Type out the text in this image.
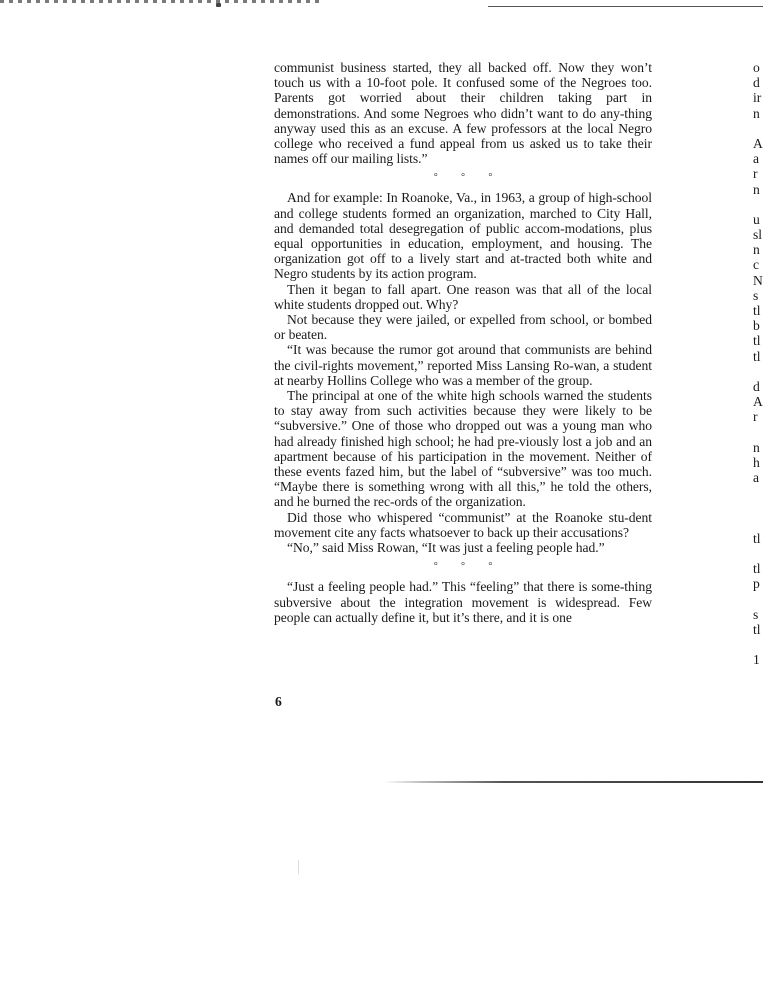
communist business started, they all backed off. Now they won’t touch us with a 10-foot pole. It confused some of the Negroes too. Parents got worried about their children taking part in demonstrations. And some Negroes who didn’t want to do any-thing anyway used this as an excuse. A few professors at the local Negro college who received a fund appeal from us asked us to take their names off our mailing lists.”

° ° °

And for example: In Roanoke, Va., in 1963, a group of high-school and college students formed an organization, marched to City Hall, and demanded total desegregation of public accom-modations, plus equal opportunities in education, employment, and housing. The organization got off to a lively start and at-tracted both white and Negro students by its action program.

Then it began to fall apart. One reason was that all of the local white students dropped out. Why?

Not because they were jailed, or expelled from school, or bombed or beaten.

“It was because the rumor got around that communists are behind the civil-rights movement,” reported Miss Lansing Ro-wan, a student at nearby Hollins College who was a member of the group.

The principal at one of the white high schools warned the students to stay away from such activities because they were likely to be “subversive.” One of those who dropped out was a young man who had already finished high school; he had pre-viously lost a job and an apartment because of his participation in the movement. Neither of these events fazed him, but the label of “subversive” was too much. “Maybe there is something wrong with all this,” he told the others, and he burned the rec-ords of the organization.

Did those who whispered “communist” at the Roanoke stu-dent movement cite any facts whatsoever to back up their accusations?

“No,” said Miss Rowan, “It was just a feeling people had.”

° ° °

“Just a feeling people had.” This “feeling” that there is some-thing subversive about the integration movement is widespread. Few people can actually define it, but it’s there, and it is one

6
o
d
ir
n
A
a
r
n
u
sl
n
c
N
s
tl
b
tl
tl
d
A
r
n
h
a
tl
tl
p
s
tl
1
